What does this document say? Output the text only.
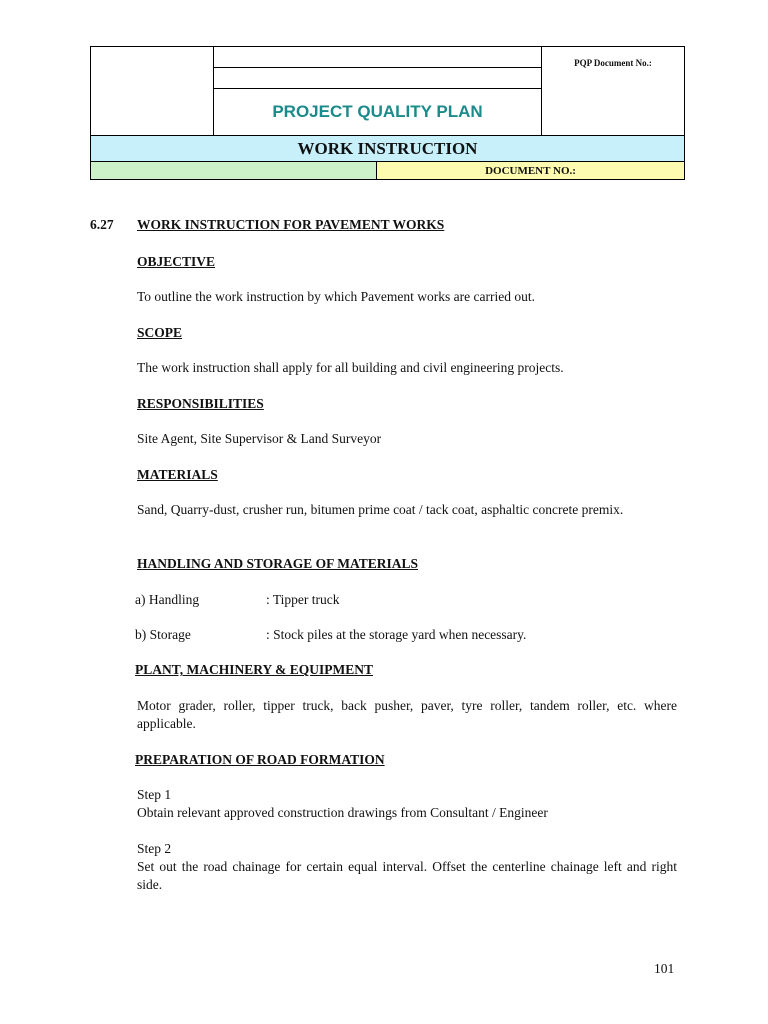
PROJECT QUALITY PLAN
PQP Document No.:
WORK INSTRUCTION
DOCUMENT NO.:
6.27 WORK INSTRUCTION FOR PAVEMENT WORKS
OBJECTIVE
To outline the work instruction by which Pavement works are carried out.
SCOPE
The work instruction shall apply for all building and civil engineering projects.
RESPONSIBILITIES
Site Agent, Site Supervisor & Land Surveyor
MATERIALS
Sand, Quarry-dust, crusher run, bitumen prime coat / tack coat, asphaltic concrete premix.
HANDLING AND STORAGE OF MATERIALS
a) Handling	: Tipper truck
b) Storage	: Stock piles at the storage yard when necessary.
PLANT, MACHINERY & EQUIPMENT
Motor grader, roller, tipper truck, back pusher, paver, tyre roller, tandem roller, etc. where applicable.
PREPARATION OF ROAD FORMATION
Step 1
Obtain relevant approved construction drawings from Consultant / Engineer
Step 2
Set out the road chainage for certain equal interval. Offset the centerline chainage left and right side.
101
